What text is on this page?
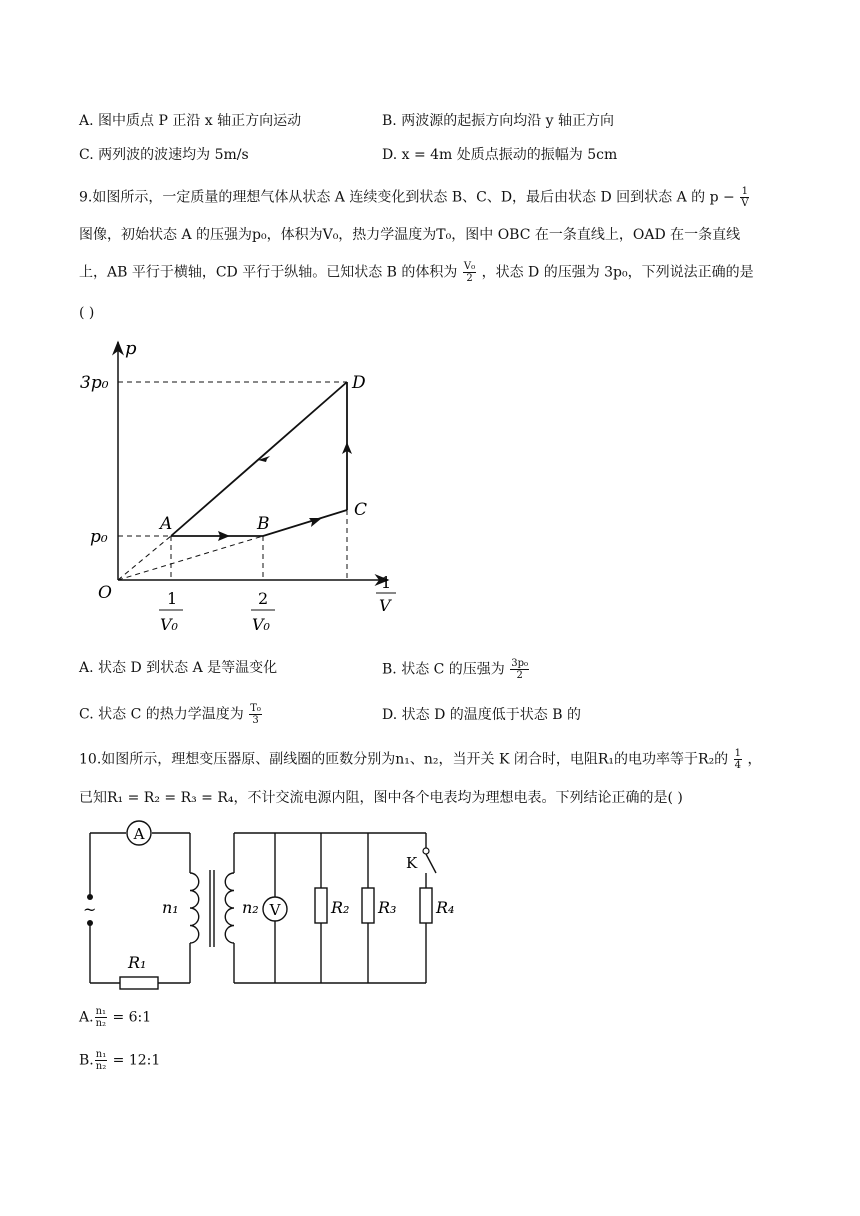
A. 图中质点 P 正沿 x 轴正方向运动	B. 两波源的起振方向均沿 y 轴正方向
C. 两列波的波速均为 5m/s	D. x = 4m 处质点振动的振幅为 5cm
9.如图所示，一定质量的理想气体从状态 A 连续变化到状态 B、C、D，最后由状态 D 回到状态 A 的 $p - \frac{1}{V}$
图像，初始状态 A 的压强为p₀，体积为V₀，热力学温度为T₀，图中 OBC 在一条直线上，OAD 在一条直线
上，AB 平行于横轴，CD 平行于纵轴。已知状态 B 的体积为 $\frac{\text{V₀}}{2}$ ，状态 D 的压强为 3p₀，下列说法正确的是
( )
p
3p₀
p₀
O
1
V
1
V₀
2
V₀
A	B
C
D
A. 状态 D 到状态 A 是等温变化	B. 状态 C 的压强为 $\frac{\text{3p₀}}{2}$
C. 状态 C 的热力学温度为 $\frac{\text{T₀}}{3}$	D. 状态 D 的温度低于状态 B 的
10.如图所示，理想变压器原、副线圈的匝数分别为n₁、n₂，当开关 K 闭合时，电阻R₁的电功率等于R₂的 $\frac{1}{4}$ ，
已知R₁ = R₂ = R₃ = R₄，不计交流电源内阻，图中各个电表均为理想电表。下列结论正确的是( )
A
V
~	n₁	n₂
R₁
R₂ R₃ R₄
K
A. $\frac{\text{n₁}}{\text{n₂}}$ = 6:1
B. $\frac{\text{n₁}}{\text{n₂}}$ = 12:1
